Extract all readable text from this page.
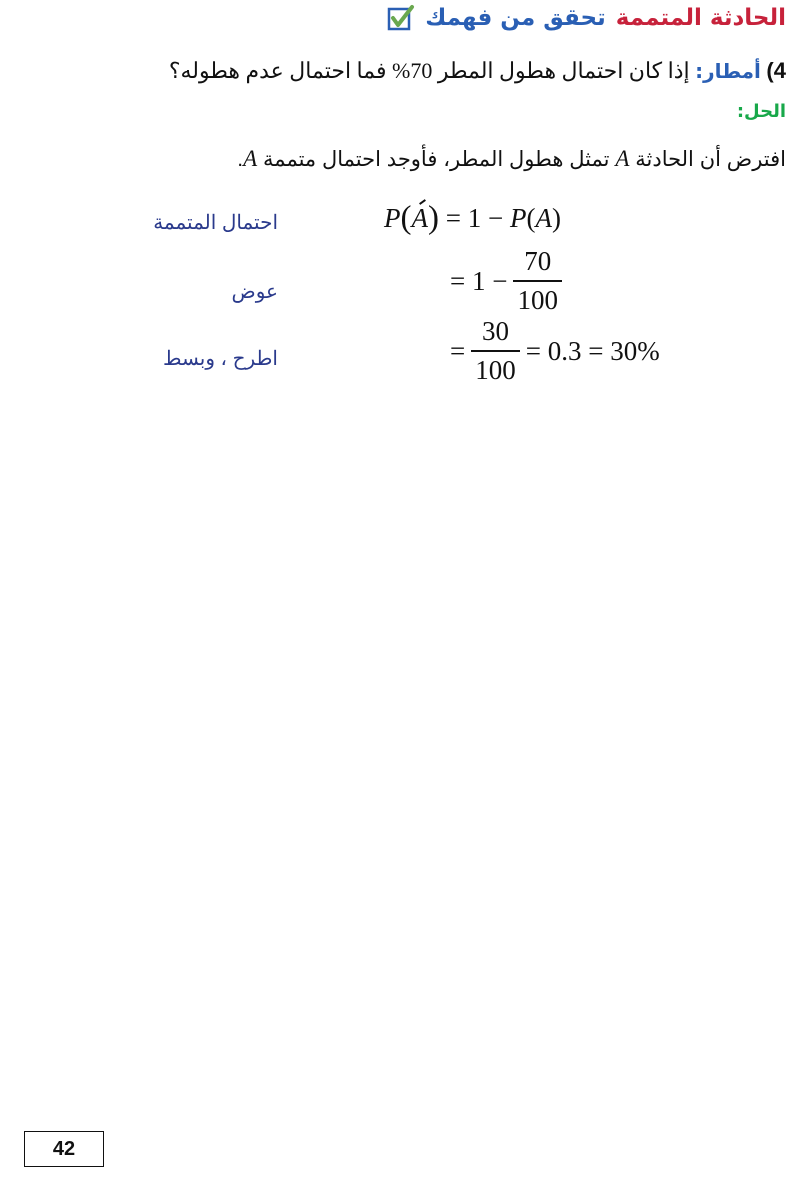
تحقق من فهمك الحادثة المتممة
4) أمطار: إذا كان احتمال هطول المطر 70% فما احتمال عدم هطوله؟
الحل:
افترض أن الحادثة A تمثل هطول المطر، فأوجد احتمال متممة A.
احتمال المتممة	P ( A ) = 1 − P ( A )
عوض	= $1 - \frac{70}{100}$
اطرح ، وبسط	= $\frac{30}{100} = 0.3 = 30\%$
42
